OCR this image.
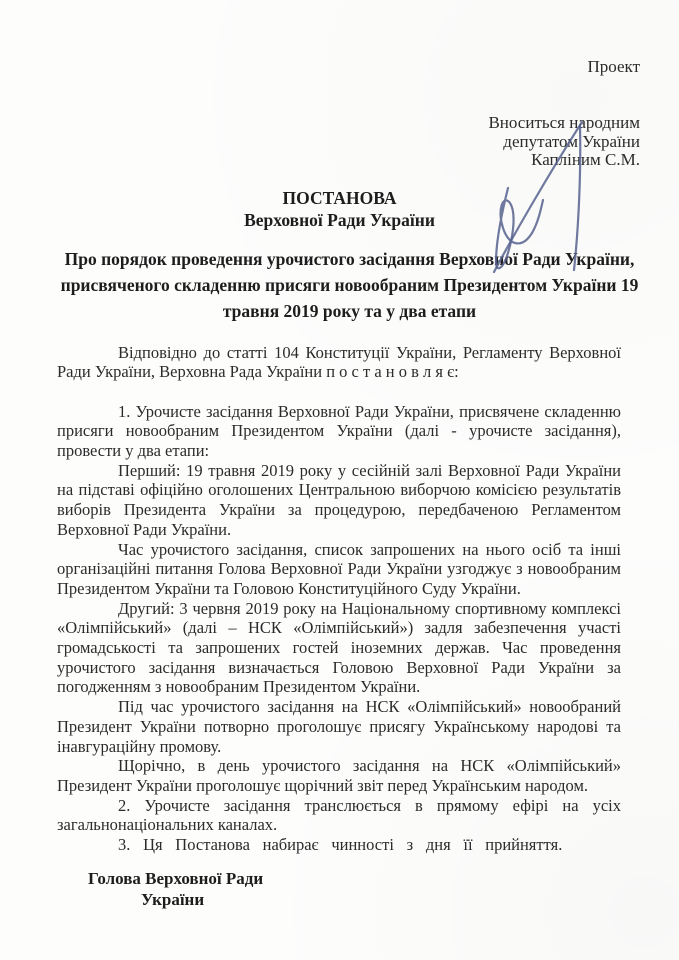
Проект
Вноситься народним
депутатом України
Капліним С.М.
ПОСТАНОВА
Верховної Ради України
Про порядок проведення урочистого засідання Верховної Ради України, присвяченого складенню присяги новообраним Президентом України 19 травня 2019 року та у два етапи

Відповідно до статті 104 Конституції України, Регламенту Верховної Ради України, Верховна Рада України п о с т а н о в л я є:

1. Урочисте засідання Верховної Ради України, присвячене складенню присяги новообраним Президентом України (далі - урочисте засідання), провести у два етапи:

Перший: 19 травня 2019 року у сесійній залі Верховної Ради України на підставі офіційно оголошених Центральною виборчою комісією результатів виборів Президента України за процедурою, передбаченою Регламентом Верховної Ради України.

Час урочистого засідання, список запрошених на нього осіб та інші організаційні питання Голова Верховної Ради України узгоджує з новообраним Президентом України та Головою Конституційного Суду України.

Другий: 3 червня 2019 року на Національному спортивному комплексі «Олімпійський» (далі – НСК «Олімпійський») задля забезпечення участі громадськості та запрошених гостей іноземних держав. Час проведення урочистого засідання визначається Головою Верховної Ради України за погодженням з новообраним Президентом України.

Під час урочистого засідання на НСК «Олімпійський» новообраний Президент України потворно проголошує присягу Українському народові та інавгураційну промову.

Щорічно, в день урочистого засідання на НСК «Олімпійський» Президент України проголошує щорічний звіт перед Українським народом.

2. Урочисте засідання транслюється в прямому ефірі на усіх загальнонаціональних каналах.

3. Ця Постанова набирає чинності з дня її прийняття.

Голова Верховної Ради
України
